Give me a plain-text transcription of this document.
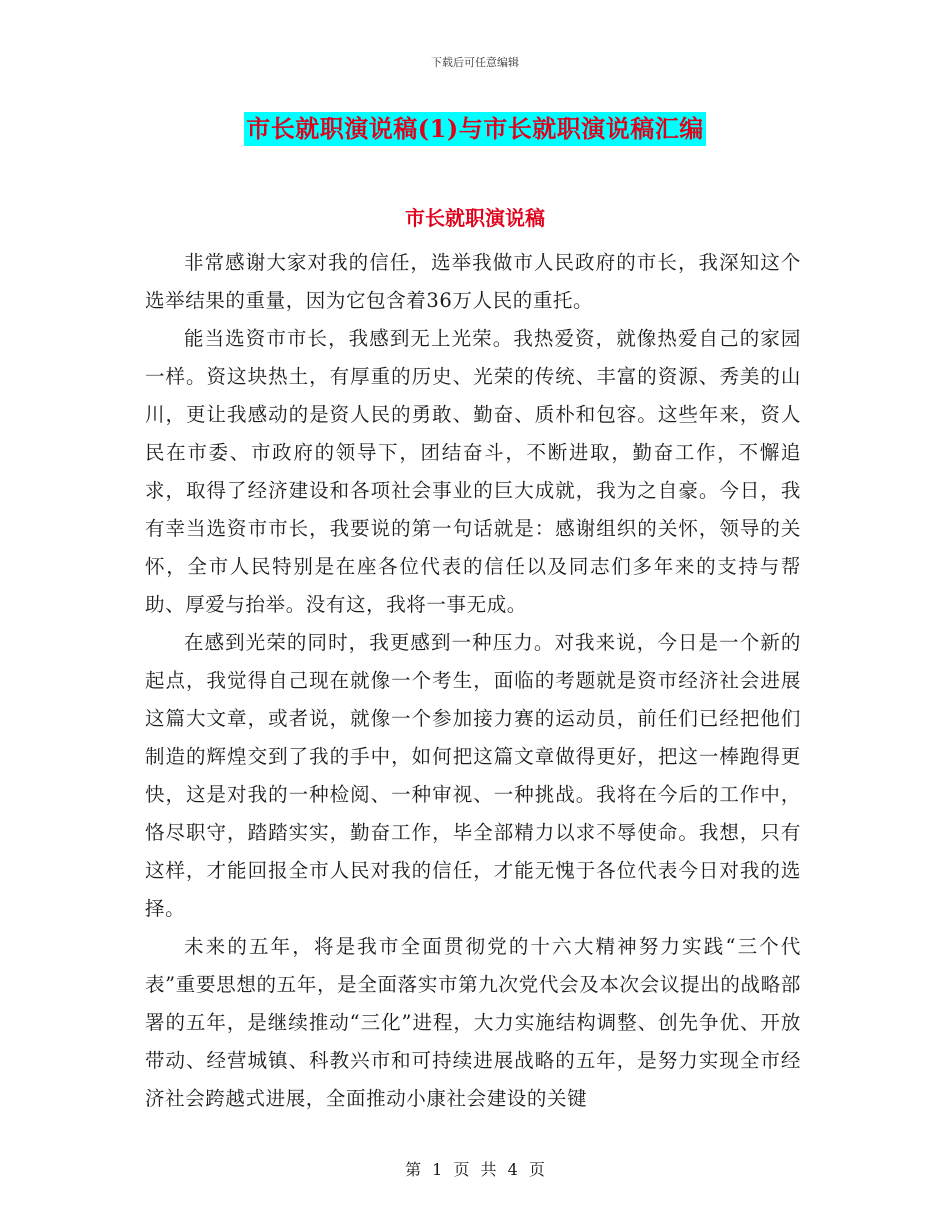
下载后可任意编辑
市长就职演说稿(1)与市长就职演说稿汇编
市长就职演说稿

非常感谢大家对我的信任，选举我做市人民政府的市长，我深知这个选举结果的重量，因为它包含着36万人民的重托。

能当选资市市长，我感到无上光荣。我热爱资，就像热爱自己的家园一样。资这块热土，有厚重的历史、光荣的传统、丰富的资源、秀美的山川，更让我感动的是资人民的勇敢、勤奋、质朴和包容。这些年来，资人民在市委、市政府的领导下，团结奋斗，不断进取，勤奋工作，不懈追求，取得了经济建设和各项社会事业的巨大成就，我为之自豪。今日，我有幸当选资市市长，我要说的第一句话就是：感谢组织的关怀，领导的关怀，全市人民特别是在座各位代表的信任以及同志们多年来的支持与帮助、厚爱与抬举。没有这，我将一事无成。

在感到光荣的同时，我更感到一种压力。对我来说，今日是一个新的起点，我觉得自己现在就像一个考生，面临的考题就是资市经济社会进展这篇大文章，或者说，就像一个参加接力赛的运动员，前任们已经把他们制造的辉煌交到了我的手中，如何把这篇文章做得更好，把这一棒跑得更快，这是对我的一种检阅、一种审视、一种挑战。我将在今后的工作中，恪尽职守，踏踏实实，勤奋工作，毕全部精力以求不辱使命。我想，只有这样，才能回报全市人民对我的信任，才能无愧于各位代表今日对我的选择。

未来的五年，将是我市全面贯彻党的十六大精神努力实践“三个代表”重要思想的五年，是全面落实市第九次党代会及本次会议提出的战略部署的五年，是继续推动“三化”进程，大力实施结构调整、创先争优、开放带动、经营城镇、科教兴市和可持续进展战略的五年，是努力实现全市经济社会跨越式进展，全面推动小康社会建设的关键

第 1 页 共 4 页
